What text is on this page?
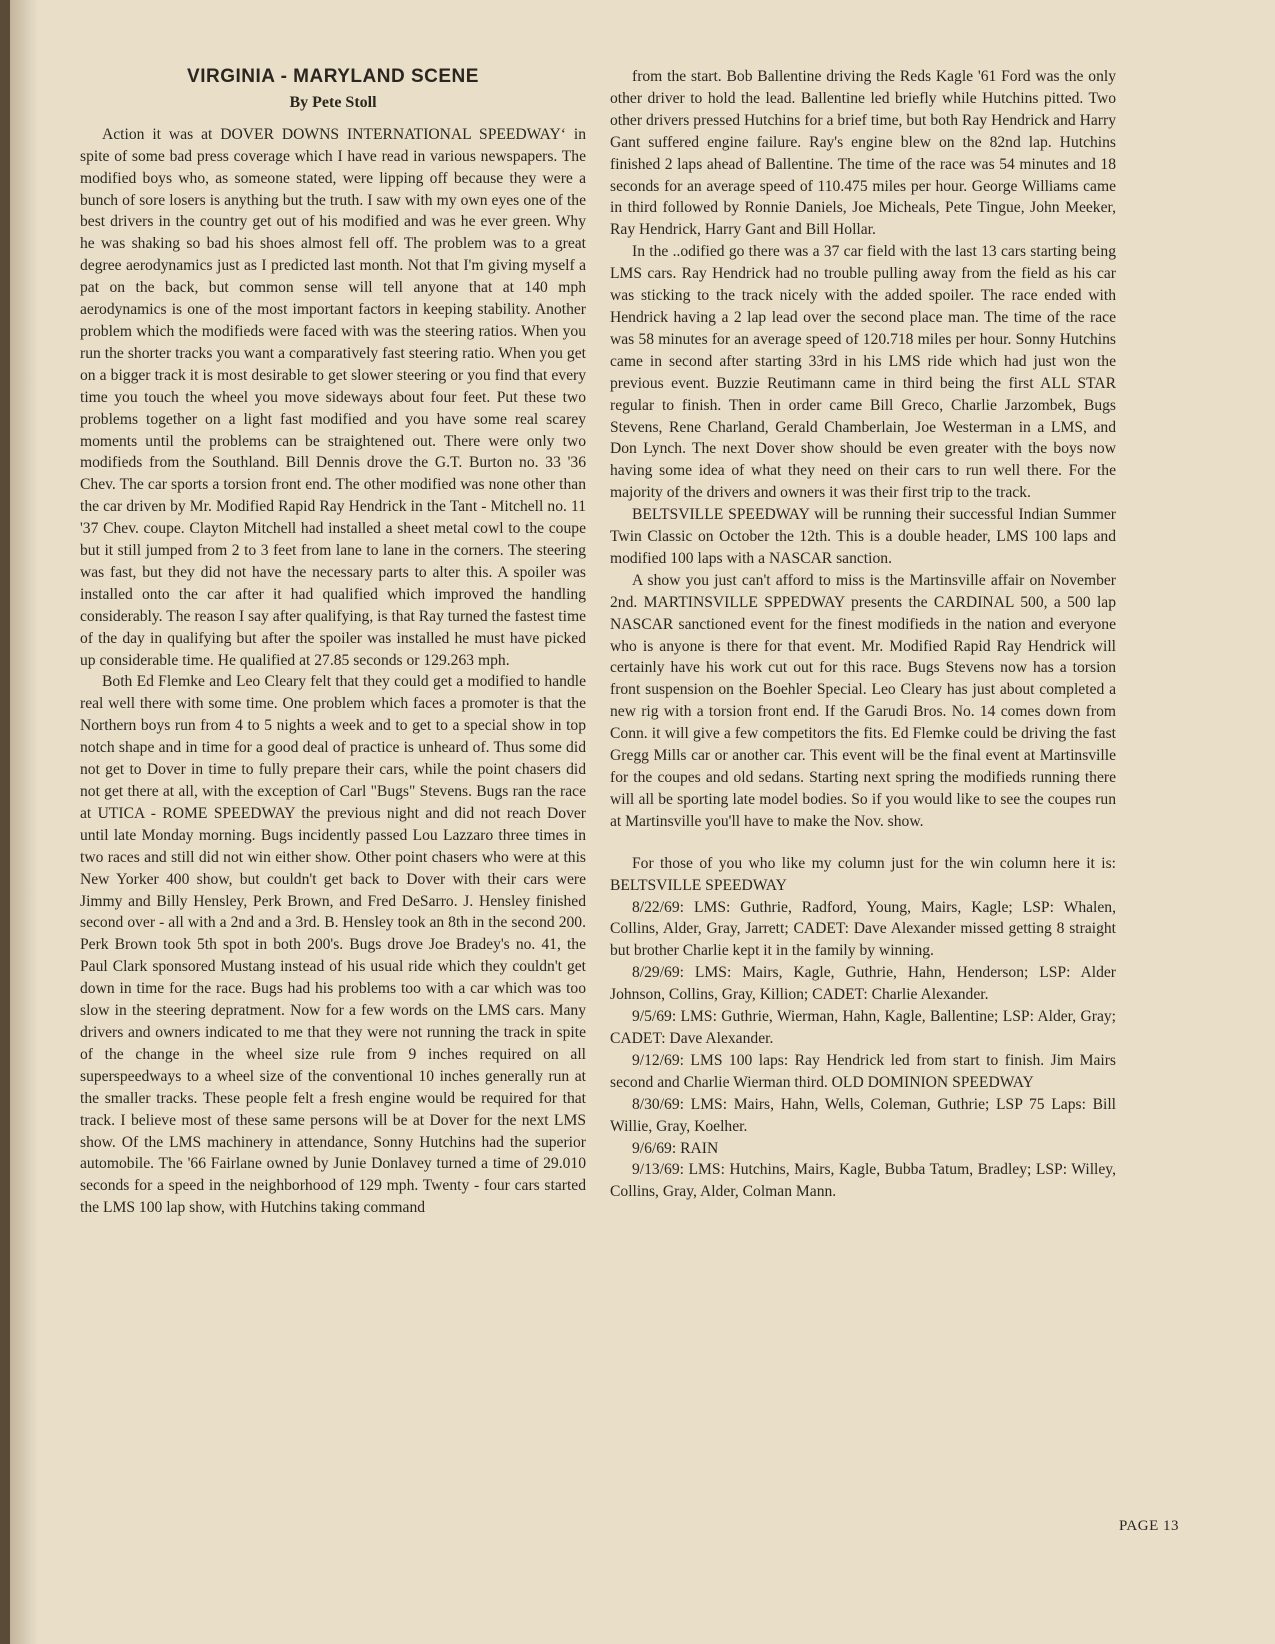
VIRGINIA - MARYLAND SCENE
By Pete Stoll

Action it was at DOVER DOWNS INTERNATIONAL SPEEDWAY‘ in spite of some bad press coverage which I have read in various newspapers. The modified boys who, as someone stated, were lipping off because they were a bunch of sore losers is anything but the truth. I saw with my own eyes one of the best drivers in the country get out of his modified and was he ever green. Why he was shaking so bad his shoes almost fell off. The problem was to a great degree aerodynamics just as I predicted last month. Not that I'm giving myself a pat on the back, but common sense will tell anyone that at 140 mph aerodynamics is one of the most important factors in keeping stability. Another problem which the modifieds were faced with was the steering ratios. When you run the shorter tracks you want a comparatively fast steering ratio. When you get on a bigger track it is most desirable to get slower steering or you find that every time you touch the wheel you move sideways about four feet. Put these two problems together on a light fast modified and you have some real scarey moments until the problems can be straightened out. There were only two modifieds from the Southland. Bill Dennis drove the G.T. Burton no. 33 '36 Chev. The car sports a torsion front end. The other modified was none other than the car driven by Mr. Modified Rapid Ray Hendrick in the Tant - Mitchell no. 11 '37 Chev. coupe. Clayton Mitchell had installed a sheet metal cowl to the coupe but it still jumped from 2 to 3 feet from lane to lane in the corners. The steering was fast, but they did not have the necessary parts to alter this. A spoiler was installed onto the car after it had qualified which improved the handling considerably. The reason I say after qualifying, is that Ray turned the fastest time of the day in qualifying but after the spoiler was installed he must have picked up considerable time. He qualified at 27.85 seconds or 129.263 mph.

Both Ed Flemke and Leo Cleary felt that they could get a modified to handle real well there with some time. One problem which faces a promoter is that the Northern boys run from 4 to 5 nights a week and to get to a special show in top notch shape and in time for a good deal of practice is unheard of. Thus some did not get to Dover in time to fully prepare their cars, while the point chasers did not get there at all, with the exception of Carl "Bugs" Stevens. Bugs ran the race at UTICA - ROME SPEEDWAY the previous night and did not reach Dover until late Monday morning. Bugs incidently passed Lou Lazzaro three times in two races and still did not win either show. Other point chasers who were at this New Yorker 400 show, but couldn't get back to Dover with their cars were Jimmy and Billy Hensley, Perk Brown, and Fred DeSarro. J. Hensley finished second over - all with a 2nd and a 3rd. B. Hensley took an 8th in the second 200. Perk Brown took 5th spot in both 200's. Bugs drove Joe Bradey's no. 41, the Paul Clark sponsored Mustang instead of his usual ride which they couldn't get down in time for the race. Bugs had his problems too with a car which was too slow in the steering depratment. Now for a few words on the LMS cars. Many drivers and owners indicated to me that they were not running the track in spite of the change in the wheel size rule from 9 inches required on all superspeedways to a wheel size of the conventional 10 inches generally run at the smaller tracks. These people felt a fresh engine would be required for that track. I believe most of these same persons will be at Dover for the next LMS show. Of the LMS machinery in attendance, Sonny Hutchins had the superior automobile. The '66 Fairlane owned by Junie Donlavey turned a time of 29.010 seconds for a speed in the neighborhood of 129 mph. Twenty - four cars started the LMS 100 lap show, with Hutchins taking command

from the start. Bob Ballentine driving the Reds Kagle '61 Ford was the only other driver to hold the lead. Ballentine led briefly while Hutchins pitted. Two other drivers pressed Hutchins for a brief time, but both Ray Hendrick and Harry Gant suffered engine failure. Ray's engine blew on the 82nd lap. Hutchins finished 2 laps ahead of Ballentine. The time of the race was 54 minutes and 18 seconds for an average speed of 110.475 miles per hour. George Williams came in third followed by Ronnie Daniels, Joe Micheals, Pete Tingue, John Meeker, Ray Hendrick, Harry Gant and Bill Hollar.

In the ..odified go there was a 37 car field with the last 13 cars starting being LMS cars. Ray Hendrick had no trouble pulling away from the field as his car was sticking to the track nicely with the added spoiler. The race ended with Hendrick having a 2 lap lead over the second place man. The time of the race was 58 minutes for an average speed of 120.718 miles per hour. Sonny Hutchins came in second after starting 33rd in his LMS ride which had just won the previous event. Buzzie Reutimann came in third being the first ALL STAR regular to finish. Then in order came Bill Greco, Charlie Jarzombek, Bugs Stevens, Rene Charland, Gerald Chamberlain, Joe Westerman in a LMS, and Don Lynch. The next Dover show should be even greater with the boys now having some idea of what they need on their cars to run well there. For the majority of the drivers and owners it was their first trip to the track.

BELTSVILLE SPEEDWAY will be running their successful Indian Summer Twin Classic on October the 12th. This is a double header, LMS 100 laps and modified 100 laps with a NASCAR sanction.

A show you just can't afford to miss is the Martinsville affair on November 2nd. MARTINSVILLE SPPEDWAY presents the CARDINAL 500, a 500 lap NASCAR sanctioned event for the finest modifieds in the nation and everyone who is anyone is there for that event. Mr. Modified Rapid Ray Hendrick will certainly have his work cut out for this race. Bugs Stevens now has a torsion front suspension on the Boehler Special. Leo Cleary has just about completed a new rig with a torsion front end. If the Garudi Bros. No. 14 comes down from Conn. it will give a few competitors the fits. Ed Flemke could be driving the fast Gregg Mills car or another car. This event will be the final event at Martinsville for the coupes and old sedans. Starting next spring the modifieds running there will all be sporting late model bodies. So if you would like to see the coupes run at Martinsville you'll have to make the Nov. show.

For those of you who like my column just for the win column here it is: BELTSVILLE SPEEDWAY

8/22/69: LMS: Guthrie, Radford, Young, Mairs, Kagle; LSP: Whalen, Collins, Alder, Gray, Jarrett; CADET: Dave Alexander missed getting 8 straight but brother Charlie kept it in the family by winning.

8/29/69: LMS: Mairs, Kagle, Guthrie, Hahn, Henderson; LSP: Alder Johnson, Collins, Gray, Killion; CADET: Charlie Alexander.

9/5/69: LMS: Guthrie, Wierman, Hahn, Kagle, Ballentine; LSP: Alder, Gray; CADET: Dave Alexander.

9/12/69: LMS 100 laps: Ray Hendrick led from start to finish. Jim Mairs second and Charlie Wierman third. OLD DOMINION SPEEDWAY

8/30/69: LMS: Mairs, Hahn, Wells, Coleman, Guthrie; LSP 75 Laps: Bill Willie, Gray, Koelher.

9/6/69: RAIN

9/13/69: LMS: Hutchins, Mairs, Kagle, Bubba Tatum, Bradley; LSP: Willey, Collins, Gray, Alder, Colman Mann.

PAGE 13
